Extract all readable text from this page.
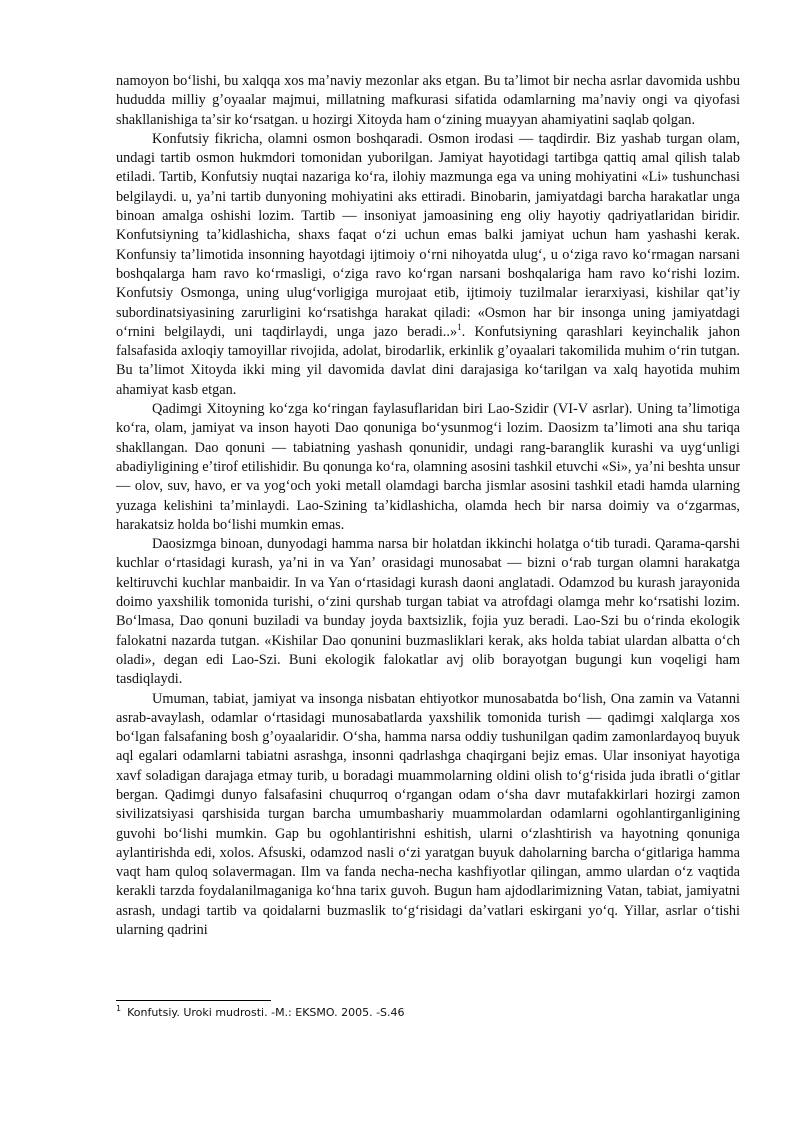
namoyon boʻlishi, bu xalqqa xos maʼnaviy mezonlar aks etgan. Bu taʼlimot bir necha asrlar davomida ushbu hududda milliy gʼoyaalar majmui, millatning mafkurasi sifatida odamlarning maʼnaviy ongi va qiyofasi shakllanishiga taʼsir koʻrsatgan. u hozirgi Xitoyda ham oʻzining muayyan ahamiyatini saqlab qolgan.

Konfutsiy fikricha, olamni osmon boshqaradi. Osmon irodasi — taqdirdir. Biz yashab turgan olam, undagi tartib osmon hukmdori tomonidan yuborilgan. Jamiyat hayotidagi tartibga qattiq amal qilish talab etiladi. Tartib, Konfutsiy nuqtai nazariga koʻra, ilohiy mazmunga ega va uning mohiyatini «Li» tushunchasi belgilaydi. u, yaʼni tartib dunyoning mohiyatini aks ettiradi. Binobarin, jamiyatdagi barcha harakatlar unga binoan amalga oshishi lozim. Tartib — insoniyat jamoasining eng oliy hayotiy qadriyatlaridan biridir. Konfutsiyning taʼkidlashicha, shaxs faqat oʻzi uchun emas balki jamiyat uchun ham yashashi kerak. Konfunsiy taʼlimotida insonning hayotdagi ijtimoiy oʻrni nihoyatda ulugʻ, u oʻziga ravo koʻrmagan narsani boshqalarga ham ravo koʻrmasligi, oʻziga ravo koʻrgan narsani boshqalariga ham ravo koʻrishi lozim. Konfutsiy Osmonga, uning ulugʻvorligiga murojaat etib, ijtimoiy tuzilmalar ierarxiyasi, kishilar qatʼiy subordinatsiyasining zarurligini koʻrsatishga harakat qiladi: «Osmon har bir insonga uning jamiyatdagi oʻrnini belgilaydi, uni taqdirlaydi, unga jazo beradi..»$^1$. Konfutsiyning qarashlari keyinchalik jahon falsafasida axloqiy tamoyillar rivojida, adolat, birodarlik, erkinlik gʼoyaalari takomilida muhim oʻrin tutgan. Bu taʼlimot Xitoyda ikki ming yil davomida davlat dini darajasiga koʻtarilgan va xalq hayotida muhim ahamiyat kasb etgan.

Qadimgi Xitoyning koʻzga koʻringan faylasuflaridan biri Lao-Szidir (VI-V asrlar). Uning taʼlimotiga koʻra, olam, jamiyat va inson hayoti Dao qonuniga boʻysunmogʻi lozim. Daosizm taʼlimoti ana shu tariqa shakllangan. Dao qonuni — tabiatning yashash qonunidir, undagi rang-baranglik kurashi va uygʻunligi abadiyligining eʼtirof etilishidir. Bu qonunga koʻra, olamning asosini tashkil etuvchi «Si», yaʼni beshta unsur — olov, suv, havo, er va yogʻoch yoki metall olamdagi barcha jismlar asosini tashkil etadi hamda ularning yuzaga kelishini taʼminlaydi. Lao-Szining taʼkidlashicha, olamda hech bir narsa doimiy va oʻzgarmas, harakatsiz holda boʻlishi mumkin emas.

Daosizmga binoan, dunyodagi hamma narsa bir holatdan ikkinchi holatga oʻtib turadi. Qarama-qarshi kuchlar oʻrtasidagi kurash, yaʼni in va Yanʼ orasidagi munosabat — bizni oʻrab turgan olamni harakatga keltiruvchi kuchlar manbaidir. In va Yan oʻrtasidagi kurash daoni anglatadi. Odamzod bu kurash jarayonida doimo yaxshilik tomonida turishi, oʻzini qurshab turgan tabiat va atrofdagi olamga mehr koʻrsatishi lozim. Boʻlmasa, Dao qonuni buziladi va bunday joyda baxtsizlik, fojia yuz beradi. Lao-Szi bu oʻrinda ekologik falokatni nazarda tutgan. «Kishilar Dao qonunini buzmasliklari kerak, aks holda tabiat ulardan albatta oʻch oladi», degan edi Lao-Szi. Buni ekologik falokatlar avj olib borayotgan bugungi kun voqeligi ham tasdiqlaydi.

Umuman, tabiat, jamiyat va insonga nisbatan ehtiyotkor munosabatda boʻlish, Ona zamin va Vatanni asrab-avaylash, odamlar oʻrtasidagi munosabatlarda yaxshilik tomonida turish — qadimgi xalqlarga xos boʻlgan falsafaning bosh gʼoyaalaridir. Oʻsha, hamma narsa oddiy tushunilgan qadim zamonlardayoq buyuk aql egalari odamlarni tabiatni asrashga, insonni qadrlashga chaqirgani bejiz emas. Ular insoniyat hayotiga xavf soladigan darajaga etmay turib, u boradagi muammolarning oldini olish toʻgʻrisida juda ibratli oʻgitlar bergan. Qadimgi dunyo falsafasini chuqurroq oʻrgangan odam oʻsha davr mutafakkirlari hozirgi zamon sivilizatsiyasi qarshisida turgan barcha umumbashariy muammolardan odamlarni ogohlantirganligining guvohi boʻlishi mumkin. Gap bu ogohlantirishni eshitish, ularni oʻzlashtirish va hayotning qonuniga aylantirishda edi, xolos. Afsuski, odamzod nasli oʻzi yaratgan buyuk daholarning barcha oʻgitlariga hamma vaqt ham quloq solavermagan. Ilm va fanda necha-necha kashfiyotlar qilingan, ammo ulardan oʻz vaqtida kerakli tarzda foydalanilmaganiga koʻhna tarix guvoh. Bugun ham ajdodlarimizning Vatan, tabiat, jamiyatni asrash, undagi tartib va qoidalarni buzmaslik toʻgʻrisidagi daʼvatlari eskirgani yoʻq. Yillar, asrlar oʻtishi ularning qadrini

$^1$ Konfutsiy. Uroki mudrosti. -M.: EKSMO. 2005. -S.46
